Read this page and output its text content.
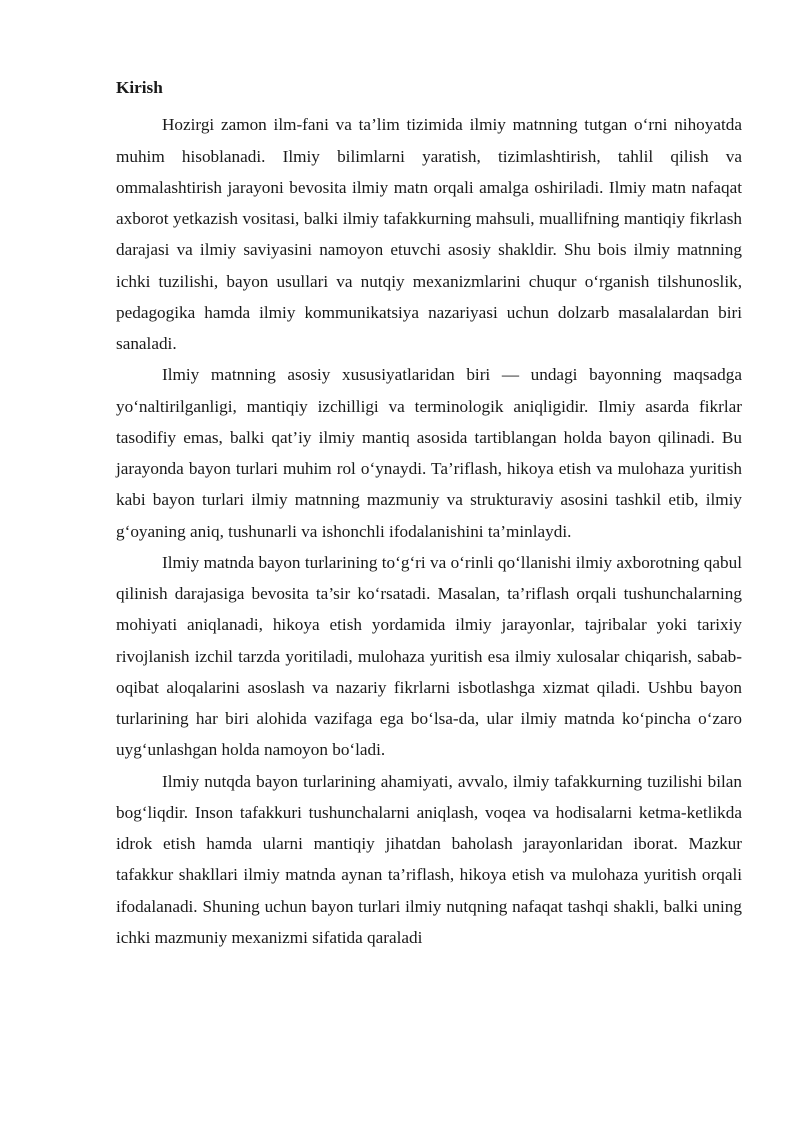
Kirish

Hozirgi zamon ilm-fani va ta’lim tizimida ilmiy matnning tutgan o‘rni nihoyatda muhim hisoblanadi. Ilmiy bilimlarni yaratish, tizimlashtirish, tahlil qilish va ommalashtirish jarayoni bevosita ilmiy matn orqali amalga oshiriladi. Ilmiy matn nafaqat axborot yetkazish vositasi, balki ilmiy tafakkurning mahsuli, muallifning mantiqiy fikrlash darajasi va ilmiy saviyasini namoyon etuvchi asosiy shakldir. Shu bois ilmiy matnning ichki tuzilishi, bayon usullari va nutqiy mexanizmlarini chuqur o‘rganish tilshunoslik, pedagogika hamda ilmiy kommunikatsiya nazariyasi uchun dolzarb masalalardan biri sanaladi.

Ilmiy matnning asosiy xususiyatlaridan biri — undagi bayonning maqsadga yo‘naltirilganligi, mantiqiy izchilligi va terminologik aniqligidir. Ilmiy asarda fikrlar tasodifiy emas, balki qat’iy ilmiy mantiq asosida tartiblangan holda bayon qilinadi. Bu jarayonda bayon turlari muhim rol o‘ynaydi. Ta’riflash, hikoya etish va mulohaza yuritish kabi bayon turlari ilmiy matnning mazmuniy va strukturaviy asosini tashkil etib, ilmiy g‘oyaning aniq, tushunarli va ishonchli ifodalanishini ta’minlaydi.

Ilmiy matnda bayon turlarining to‘g‘ri va o‘rinli qo‘llanishi ilmiy axborotning qabul qilinish darajasiga bevosita ta’sir ko‘rsatadi. Masalan, ta’riflash orqali tushunchalarning mohiyati aniqlanadi, hikoya etish yordamida ilmiy jarayonlar, tajribalar yoki tarixiy rivojlanish izchil tarzda yoritiladi, mulohaza yuritish esa ilmiy xulosalar chiqarish, sabab-oqibat aloqalarini asoslash va nazariy fikrlarni isbotlashga xizmat qiladi. Ushbu bayon turlarining har biri alohida vazifaga ega bo‘lsa-da, ular ilmiy matnda ko‘pincha o‘zaro uyg‘unlashgan holda namoyon bo‘ladi.

Ilmiy nutqda bayon turlarining ahamiyati, avvalo, ilmiy tafakkurning tuzilishi bilan bog‘liqdir. Inson tafakkuri tushunchalarni aniqlash, voqea va hodisalarni ketma-ketlikda idrok etish hamda ularni mantiqiy jihatdan baholash jarayonlaridan iborat. Mazkur tafakkur shakllari ilmiy matnda aynan ta’riflash, hikoya etish va mulohaza yuritish orqali ifodalanadi. Shuning uchun bayon turlari ilmiy nutqning nafaqat tashqi shakli, balki uning ichki mazmuniy mexanizmi sifatida qaraladi
